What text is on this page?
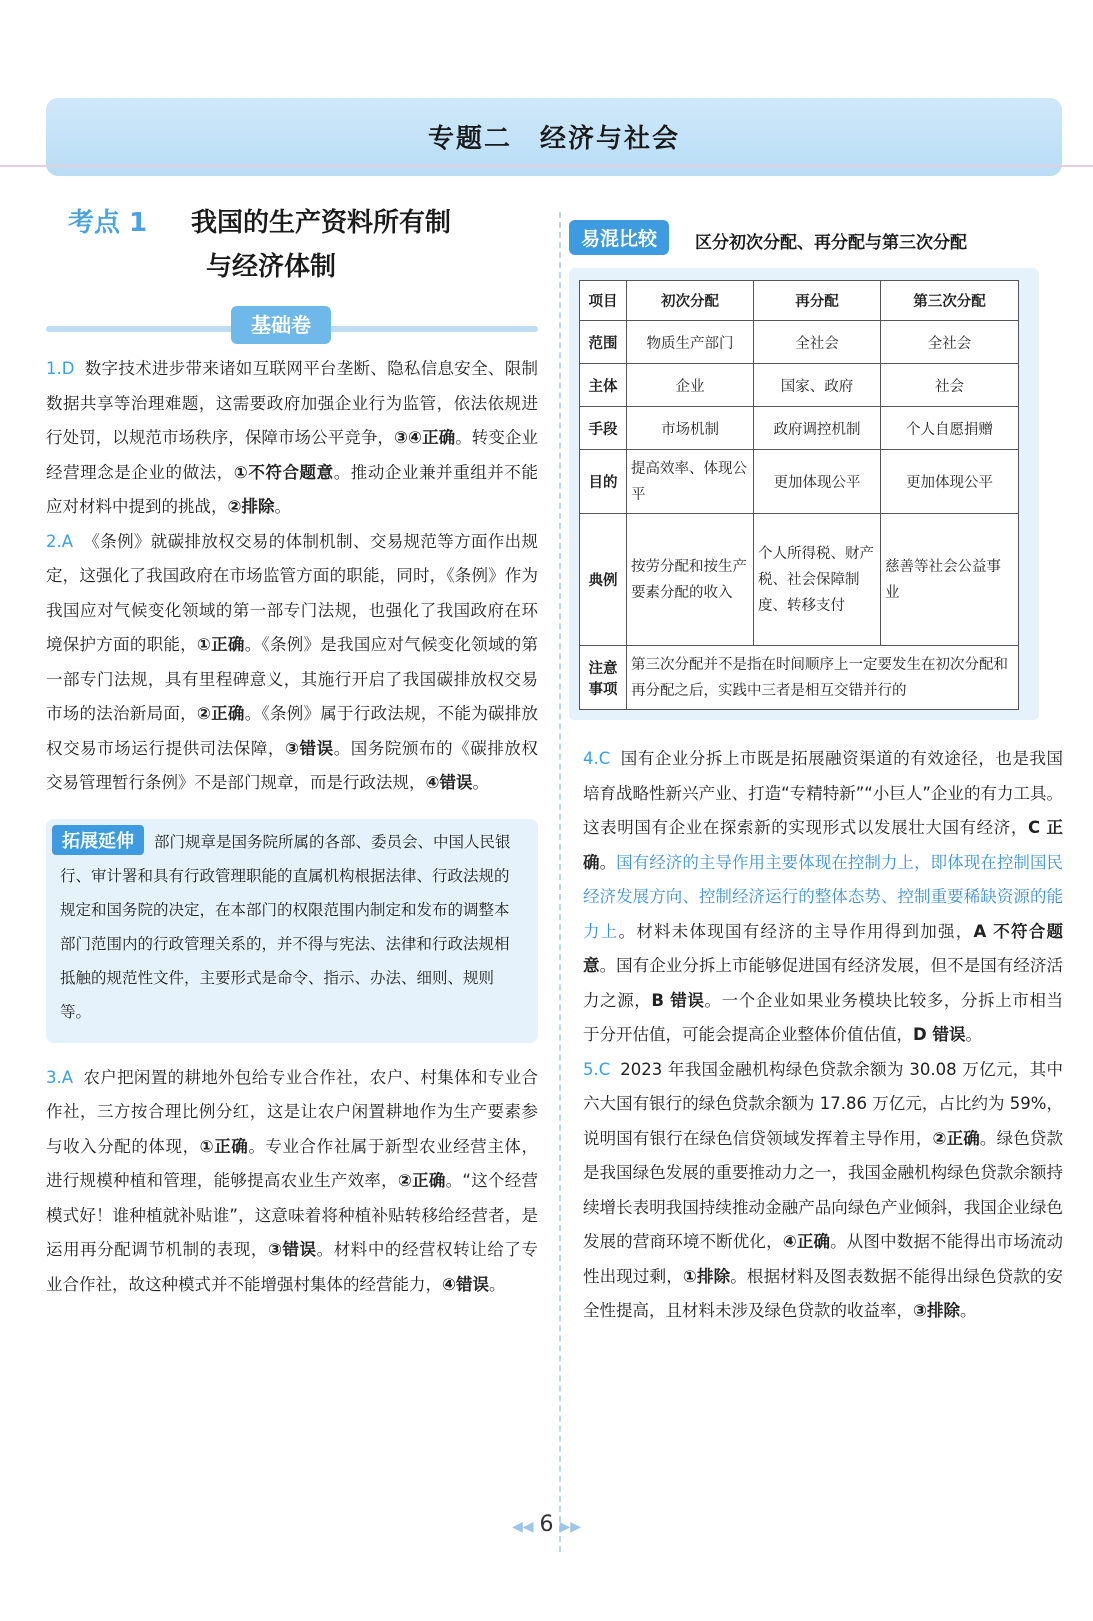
专题二　经济与社会
考点 1 我国的生产资料所有制
与经济体制
基础卷

1.D 数字技术进步带来诸如互联网平台垄断、隐私信息安全、限制数据共享等治理难题，这需要政府加强企业行为监管，依法依规进行处罚，以规范市场秩序，保障市场公平竞争，③④正确。转变企业经营理念是企业的做法，①不符合题意。推动企业兼并重组并不能应对材料中提到的挑战，②排除。

2.A 《条例》就碳排放权交易的体制机制、交易规范等方面作出规定，这强化了我国政府在市场监管方面的职能，同时，《条例》作为我国应对气候变化领域的第一部专门法规，也强化了我国政府在环境保护方面的职能，①正确。《条例》是我国应对气候变化领域的第一部专门法规，具有里程碑意义，其施行开启了我国碳排放权交易市场的法治新局面，②正确。《条例》属于行政法规，不能为碳排放权交易市场运行提供司法保障，③错误。国务院颁布的《碳排放权交易管理暂行条例》不是部门规章，而是行政法规，④错误。

拓展延伸 部门规章是国务院所属的各部、委员会、中国人民银行、审计署和具有行政管理职能的直属机构根据法律、行政法规的规定和国务院的决定，在本部门的权限范围内制定和发布的调整本部门范围内的行政管理关系的，并不得与宪法、法律和行政法规相抵触的规范性文件，主要形式是命令、指示、办法、细则、规则等。

3.A 农户把闲置的耕地外包给专业合作社，农户、村集体和专业合作社，三方按合理比例分红，这是让农户闲置耕地作为生产要素参与收入分配的体现，①正确。专业合作社属于新型农业经营主体，进行规模种植和管理，能够提高农业生产效率，②正确。“这个经营模式好！谁种植就补贴谁”，这意味着将种植补贴转移给经营者，是运用再分配调节机制的表现，③错误。材料中的经营权转让给了专业合作社，故这种模式并不能增强村集体的经营能力，④错误。

易混比较	区分初次分配、再分配与第三次分配
项目	初次分配	再分配	第三次分配
范围	物质生产部门	全社会	全社会
主体	企业	国家、政府	社会
手段	市场机制	政府调控机制	个人自愿捐赠
目的	提高效率、体现公平	更加体现公平	更加体现公平
典例	按劳分配和按生产要素分配的收入	个人所得税、财产税、社会保障制度、转移支付	慈善等社会公益事业
注意事项	第三次分配并不是指在时间顺序上一定要发生在初次分配和再分配之后，实践中三者是相互交错并行的		

4.C 国有企业分拆上市既是拓展融资渠道的有效途径，也是我国培育战略性新兴产业、打造“专精特新”“小巨人”企业的有力工具。这表明国有企业在探索新的实现形式以发展壮大国有经济，C 正确。国有经济的主导作用主要体现在控制力上，即体现在控制国民经济发展方向、控制经济运行的整体态势、控制重要稀缺资源的能力上。材料未体现国有经济的主导作用得到加强，A 不符合题意。国有企业分拆上市能够促进国有经济发展，但不是国有经济活力之源，B 错误。一个企业如果业务模块比较多，分拆上市相当于分开估值，可能会提高企业整体价值估值，D 错误。

5.C 2023 年我国金融机构绿色贷款余额为 30.08 万亿元，其中六大国有银行的绿色贷款余额为 17.86 万亿元，占比约为 59%，说明国有银行在绿色信贷领域发挥着主导作用，②正确。绿色贷款是我国绿色发展的重要推动力之一，我国金融机构绿色贷款余额持续增长表明我国持续推动金融产品向绿色产业倾斜，我国企业绿色发展的营商环境不断优化，④正确。从图中数据不能得出市场流动性出现过剩，①排除。根据材料及图表数据不能得出绿色贷款的安全性提高，且材料未涉及绿色贷款的收益率，③排除。

◀◀ 6 ▶▶
